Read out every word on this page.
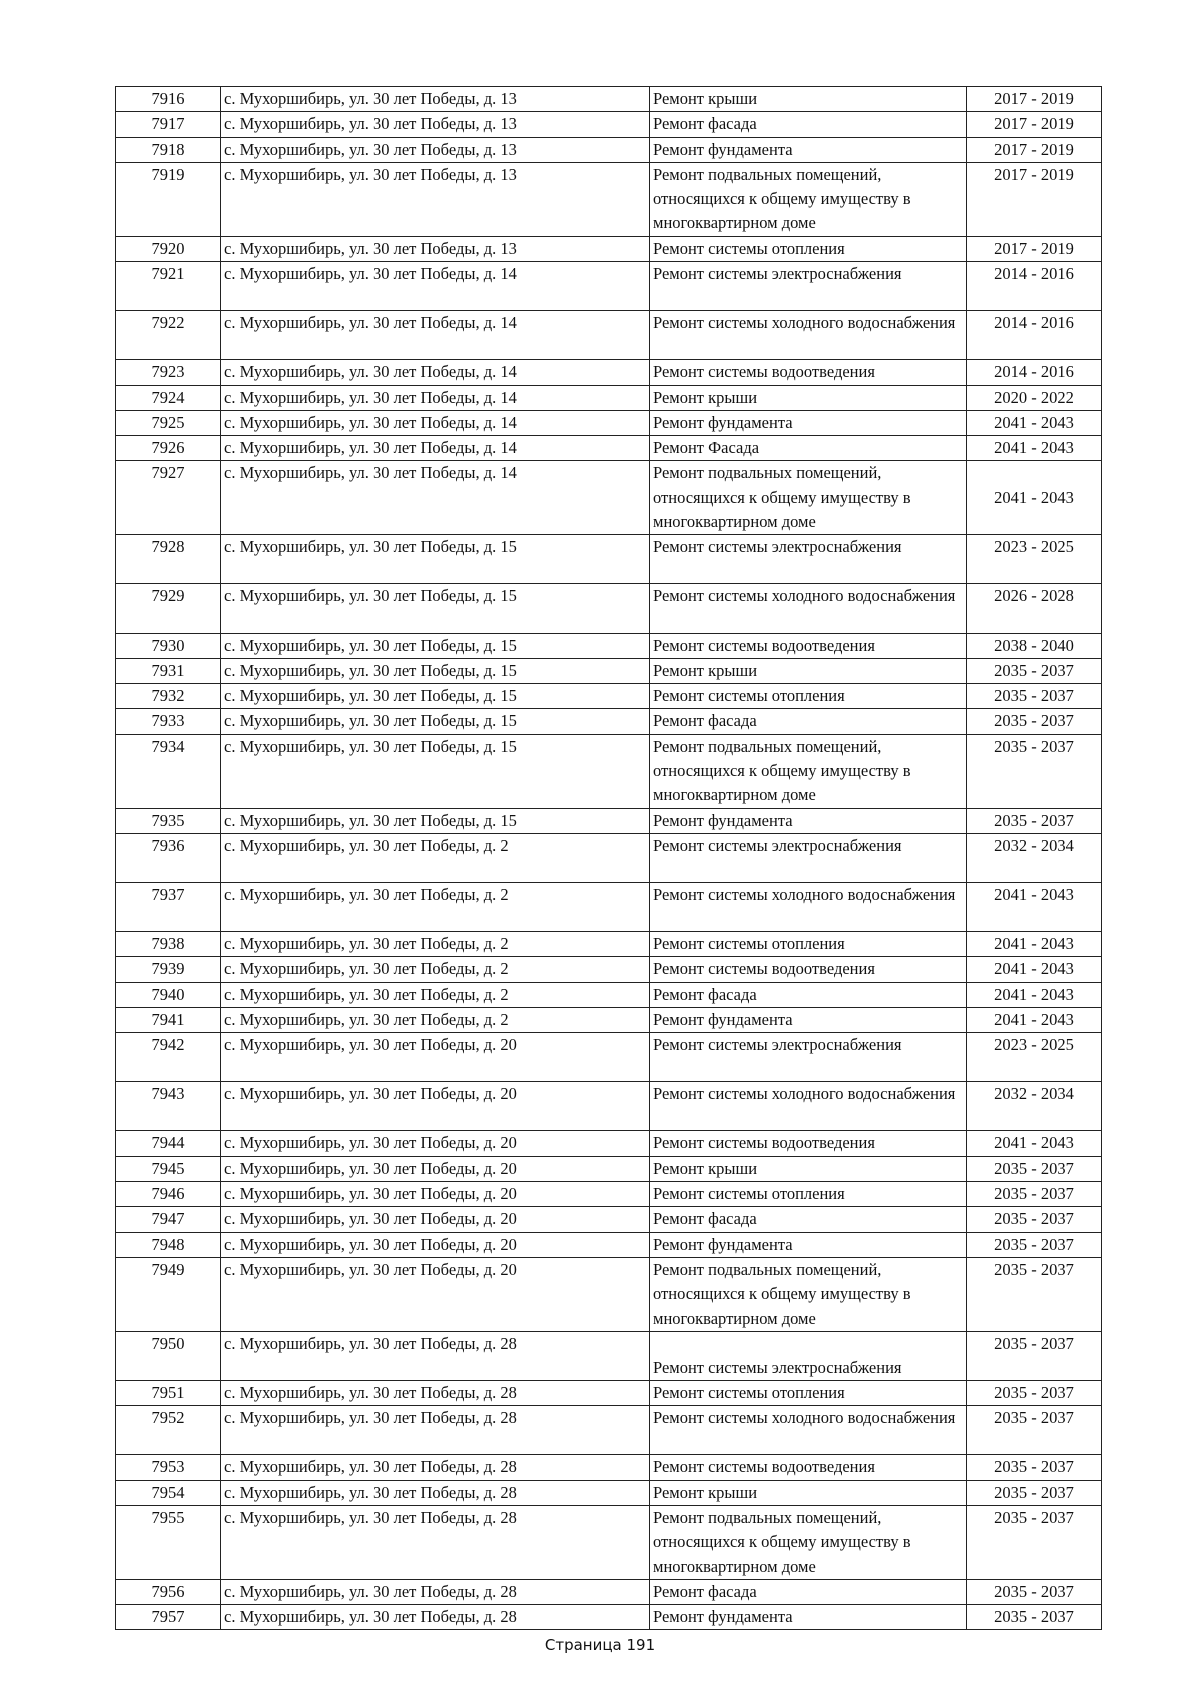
7916	с. Мухоршибирь, ул. 30 лет Победы, д. 13	Ремонт крыши	2017 - 2019
7917	с. Мухоршибирь, ул. 30 лет Победы, д. 13	Ремонт фасада	2017 - 2019
7918	с. Мухоршибирь, ул. 30 лет Победы, д. 13	Ремонт фундамента	2017 - 2019
7919	с. Мухоршибирь, ул. 30 лет Победы, д. 13	Ремонт подвальных помещений, относящихся к общему имуществу в многоквартирном доме	2017 - 2019
7920	с. Мухоршибирь, ул. 30 лет Победы, д. 13	Ремонт системы отопления	2017 - 2019
7921	с. Мухоршибирь, ул. 30 лет Победы, д. 14	Ремонт системы электроснабжения	2014 - 2016
7922	с. Мухоршибирь, ул. 30 лет Победы, д. 14	Ремонт системы холодного водоснабжения	2014 - 2016
7923	с. Мухоршибирь, ул. 30 лет Победы, д. 14	Ремонт системы водоотведения	2014 - 2016
7924	с. Мухоршибирь, ул. 30 лет Победы, д. 14	Ремонт крыши	2020 - 2022
7925	с. Мухоршибирь, ул. 30 лет Победы, д. 14	Ремонт фундамента	2041 - 2043
7926	с. Мухоршибирь, ул. 30 лет Победы, д. 14	Ремонт Фасада	2041 - 2043
7927	с. Мухоршибирь, ул. 30 лет Победы, д. 14	Ремонт подвальных помещений, относящихся к общему имуществу в многоквартирном доме	2041 - 2043
7928	с. Мухоршибирь, ул. 30 лет Победы, д. 15	Ремонт системы электроснабжения	2023 - 2025
7929	с. Мухоршибирь, ул. 30 лет Победы, д. 15	Ремонт системы холодного водоснабжения	2026 - 2028
7930	с. Мухоршибирь, ул. 30 лет Победы, д. 15	Ремонт системы водоотведения	2038 - 2040
7931	с. Мухоршибирь, ул. 30 лет Победы, д. 15	Ремонт крыши	2035 - 2037
7932	с. Мухоршибирь, ул. 30 лет Победы, д. 15	Ремонт системы отопления	2035 - 2037
7933	с. Мухоршибирь, ул. 30 лет Победы, д. 15	Ремонт фасада	2035 - 2037
7934	с. Мухоршибирь, ул. 30 лет Победы, д. 15	Ремонт подвальных помещений, относящихся к общему имуществу в многоквартирном доме	2035 - 2037
7935	с. Мухоршибирь, ул. 30 лет Победы, д. 15	Ремонт фундамента	2035 - 2037
7936	с. Мухоршибирь, ул. 30 лет Победы, д. 2	Ремонт системы электроснабжения	2032 - 2034
7937	с. Мухоршибирь, ул. 30 лет Победы, д. 2	Ремонт системы холодного водоснабжения	2041 - 2043
7938	с. Мухоршибирь, ул. 30 лет Победы, д. 2	Ремонт системы отопления	2041 - 2043
7939	с. Мухоршибирь, ул. 30 лет Победы, д. 2	Ремонт системы водоотведения	2041 - 2043
7940	с. Мухоршибирь, ул. 30 лет Победы, д. 2	Ремонт фасада	2041 - 2043
7941	с. Мухоршибирь, ул. 30 лет Победы, д. 2	Ремонт фундамента	2041 - 2043
7942	с. Мухоршибирь, ул. 30 лет Победы, д. 20	Ремонт системы электроснабжения	2023 - 2025
7943	с. Мухоршибирь, ул. 30 лет Победы, д. 20	Ремонт системы холодного водоснабжения	2032 - 2034
7944	с. Мухоршибирь, ул. 30 лет Победы, д. 20	Ремонт системы водоотведения	2041 - 2043
7945	с. Мухоршибирь, ул. 30 лет Победы, д. 20	Ремонт крыши	2035 - 2037
7946	с. Мухоршибирь, ул. 30 лет Победы, д. 20	Ремонт системы отопления	2035 - 2037
7947	с. Мухоршибирь, ул. 30 лет Победы, д. 20	Ремонт фасада	2035 - 2037
7948	с. Мухоршибирь, ул. 30 лет Победы, д. 20	Ремонт фундамента	2035 - 2037
7949	с. Мухоршибирь, ул. 30 лет Победы, д. 20	Ремонт подвальных помещений, относящихся к общему имуществу в многоквартирном доме	2035 - 2037
7950	с. Мухоршибирь, ул. 30 лет Победы, д. 28	Ремонт системы электроснабжения	2035 - 2037
7951	с. Мухоршибирь, ул. 30 лет Победы, д. 28	Ремонт системы отопления	2035 - 2037
7952	с. Мухоршибирь, ул. 30 лет Победы, д. 28	Ремонт системы холодного водоснабжения	2035 - 2037
7953	с. Мухоршибирь, ул. 30 лет Победы, д. 28	Ремонт системы водоотведения	2035 - 2037
7954	с. Мухоршибирь, ул. 30 лет Победы, д. 28	Ремонт крыши	2035 - 2037
7955	с. Мухоршибирь, ул. 30 лет Победы, д. 28	Ремонт подвальных помещений, относящихся к общему имуществу в многоквартирном доме	2035 - 2037
7956	с. Мухоршибирь, ул. 30 лет Победы, д. 28	Ремонт фасада	2035 - 2037
7957	с. Мухоршибирь, ул. 30 лет Победы, д. 28	Ремонт фундамента	2035 - 2037
Страница 191
